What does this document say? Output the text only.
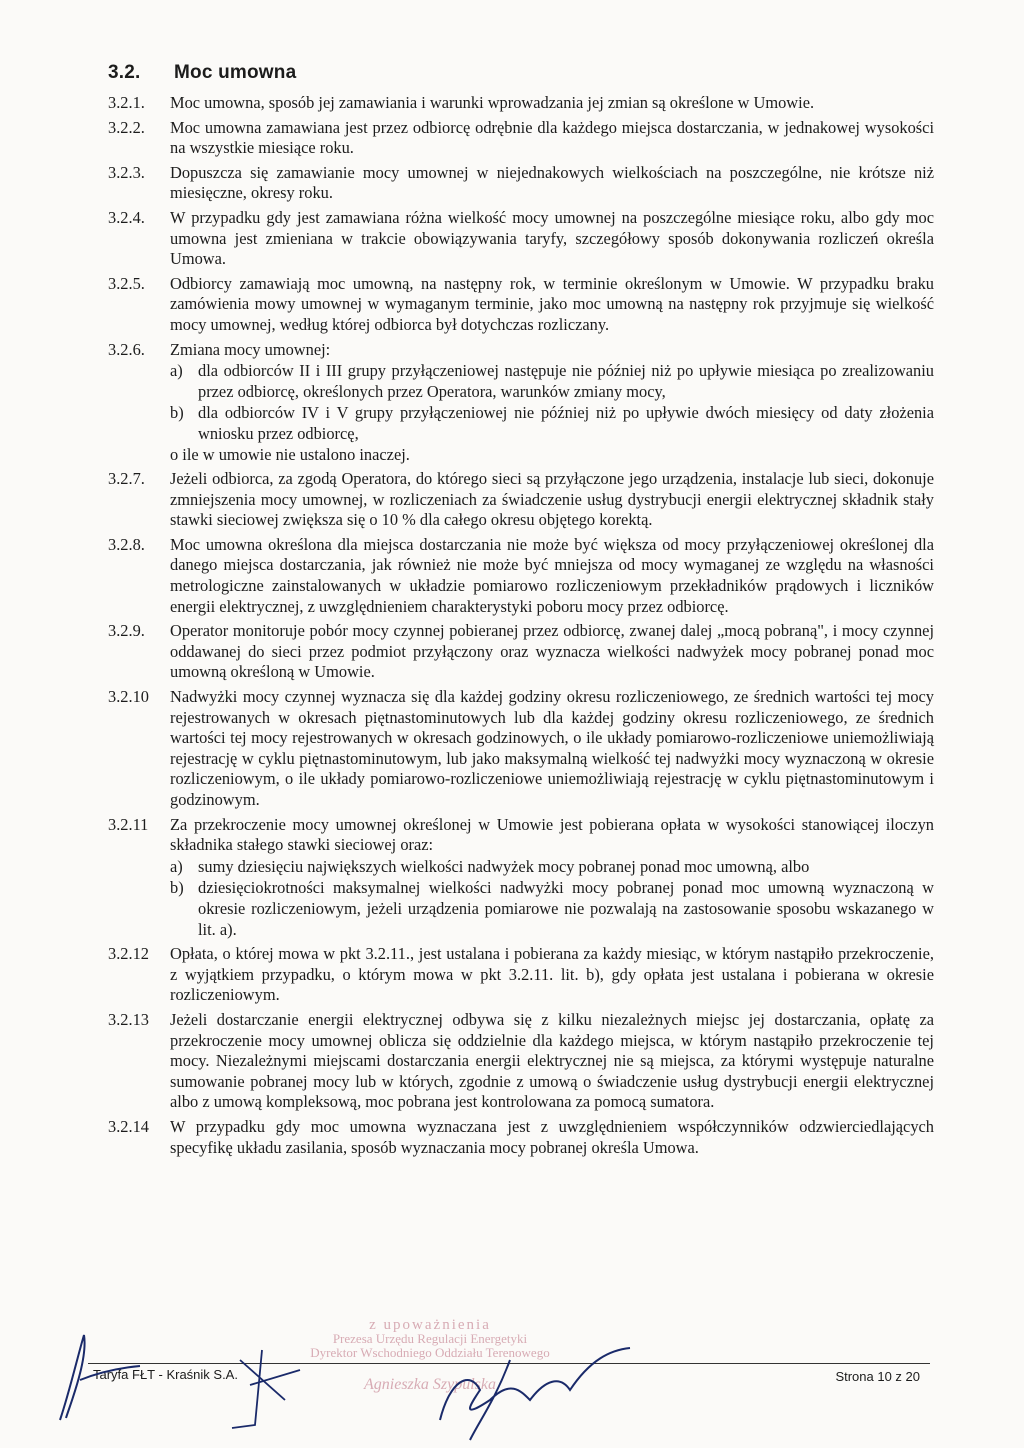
3.2. Moc umowna
3.2.1.	Moc umowna, sposób jej zamawiania i warunki wprowadzania jej zmian są określone w Umowie.

3.2.2.	Moc umowna zamawiana jest przez odbiorcę odrębnie dla każdego miejsca dostarczania, w jednakowej wysokości na wszystkie miesiące roku.

3.2.3.	Dopuszcza się zamawianie mocy umownej w niejednakowych wielkościach na poszczególne, nie krótsze niż miesięczne, okresy roku.

3.2.4.	W przypadku gdy jest zamawiana różna wielkość mocy umownej na poszczególne miesiące roku, albo gdy moc umowna jest zmieniana w trakcie obowiązywania taryfy, szczegółowy sposób dokonywania rozliczeń określa Umowa.

3.2.5.	Odbiorcy zamawiają moc umowną, na następny rok, w terminie określonym w Umowie. W przypadku braku zamówienia mowy umownej w wymaganym terminie, jako moc umowną na następny rok przyjmuje się wielkość mocy umownej, według której odbiorca był dotychczas rozliczany.

3.2.6.	Zmiana mocy umownej:

a) dla odbiorców II i III grupy przyłączeniowej następuje nie później niż po upływie miesiąca po zrealizowaniu przez odbiorcę, określonych przez Operatora, warunków zmiany mocy,
b) dla odbiorców IV i V grupy przyłączeniowej nie później niż po upływie dwóch miesięcy od daty złożenia wniosku przez odbiorcę,

o ile w umowie nie ustalono inaczej.

3.2.7.	Jeżeli odbiorca, za zgodą Operatora, do którego sieci są przyłączone jego urządzenia, instalacje lub sieci, dokonuje zmniejszenia mocy umownej, w rozliczeniach za świadczenie usług dystrybucji energii elektrycznej składnik stały stawki sieciowej zwiększa się o 10 % dla całego okresu objętego korektą.

3.2.8.	Moc umowna określona dla miejsca dostarczania nie może być większa od mocy przyłączeniowej określonej dla danego miejsca dostarczania, jak również nie może być mniejsza od mocy wymaganej ze względu na własności metrologiczne zainstalowanych w układzie pomiarowo rozliczeniowym przekładników prądowych i liczników energii elektrycznej, z uwzględnieniem charakterystyki poboru mocy przez odbiorcę.

3.2.9.	Operator monitoruje pobór mocy czynnej pobieranej przez odbiorcę, zwanej dalej „mocą pobraną", i mocy czynnej oddawanej do sieci przez podmiot przyłączony oraz wyznacza wielkości nadwyżek mocy pobranej ponad moc umowną określoną w Umowie.

3.2.10	Nadwyżki mocy czynnej wyznacza się dla każdej godziny okresu rozliczeniowego, ze średnich wartości tej mocy rejestrowanych w okresach piętnastominutowych lub dla każdej godziny okresu rozliczeniowego, ze średnich wartości tej mocy rejestrowanych w okresach godzinowych, o ile układy pomiarowo-rozliczeniowe uniemożliwiają rejestrację w cyklu piętnastominutowym, lub jako maksymalną wielkość tej nadwyżki mocy wyznaczoną w okresie rozliczeniowym, o ile układy pomiarowo-rozliczeniowe uniemożliwiają rejestrację w cyklu piętnastominutowym i godzinowym.

3.2.11	Za przekroczenie mocy umownej określonej w Umowie jest pobierana opłata w wysokości stanowiącej iloczyn składnika stałego stawki sieciowej oraz:

a) sumy dziesięciu największych wielkości nadwyżek mocy pobranej ponad moc umowną, albo
b) dziesięciokrotności maksymalnej wielkości nadwyżki mocy pobranej ponad moc umowną wyznaczoną w okresie rozliczeniowym, jeżeli urządzenia pomiarowe nie pozwalają na zastosowanie sposobu wskazanego w lit. a).
3.2.12	Opłata, o której mowa w pkt 3.2.11., jest ustalana i pobierana za każdy miesiąc, w którym nastąpiło przekroczenie, z wyjątkiem przypadku, o którym mowa w pkt 3.2.11. lit. b), gdy opłata jest ustalana i pobierana w okresie rozliczeniowym.

3.2.13	Jeżeli dostarczanie energii elektrycznej odbywa się z kilku niezależnych miejsc jej dostarczania, opłatę za przekroczenie mocy umownej oblicza się oddzielnie dla każdego miejsca, w którym nastąpiło przekroczenie tej mocy. Niezależnymi miejscami dostarczania energii elektrycznej nie są miejsca, za którymi występuje naturalne sumowanie pobranej mocy lub w których, zgodnie z umową o świadczenie usług dystrybucji energii elektrycznej albo z umową kompleksową, moc pobrana jest kontrolowana za pomocą sumatora.

3.2.14	W przypadku gdy moc umowna wyznaczana jest z uwzględnieniem współczynników odzwierciedlających specyfikę układu zasilania, sposób wyznaczania mocy pobranej określa Umowa.

z upoważnienia
Prezesa Urzędu Regulacji Energetyki
Dyrektor Wschodniego Oddziału Terenowego
Agnieszka Szypulska
Taryfa FŁT - Kraśnik S.A.	Strona 10 z 20
